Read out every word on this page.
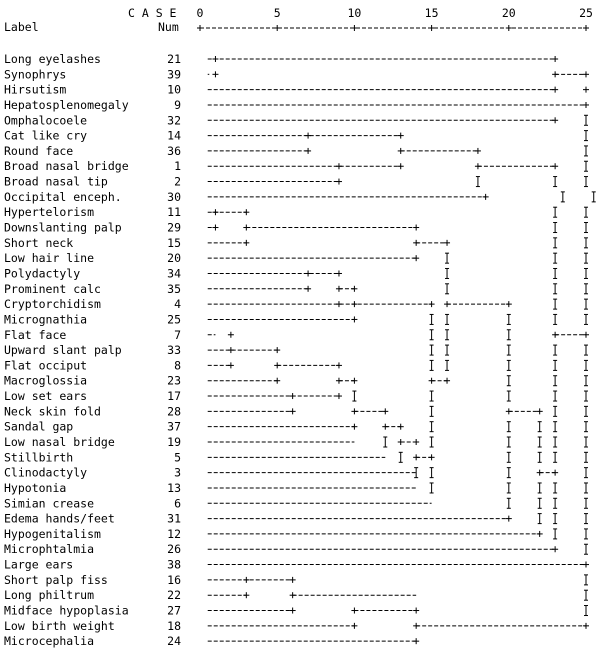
C A S E
Label	Num
0	5	10	15	20	25
Long eyelashes	21
Synophrys	39
Hirsutism	10
Hepatosplenomegaly	9
Omphalocoele	32
Cat like cry	14
Round face	36
Broad nasal bridge	1
Broad nasal tip	2
Occipital enceph.	30
Hypertelorism	11
Downslanting palp	29
Short neck	15
Low hair line	20
Polydactyly	34
Prominent calc	35
Cryptorchidism	4
Micrognathia	25
Flat face	7
Upward slant palp	33
Flat occiput	8
Macroglossia	23
Low set ears	17
Neck skin fold	28
Sandal gap	37
Low nasal bridge	19
Stillbirth	5
Clinodactyly	3
Hypotonia	13
Simian crease	6
Edema hands/feet	31
Hypogenitalism	12
Microphtalmia	26
Large ears	38
Short palp fiss	16
Long philtrum	22
Midface hypoplasia	27
Low birth weight	18
Microcephalia	24
